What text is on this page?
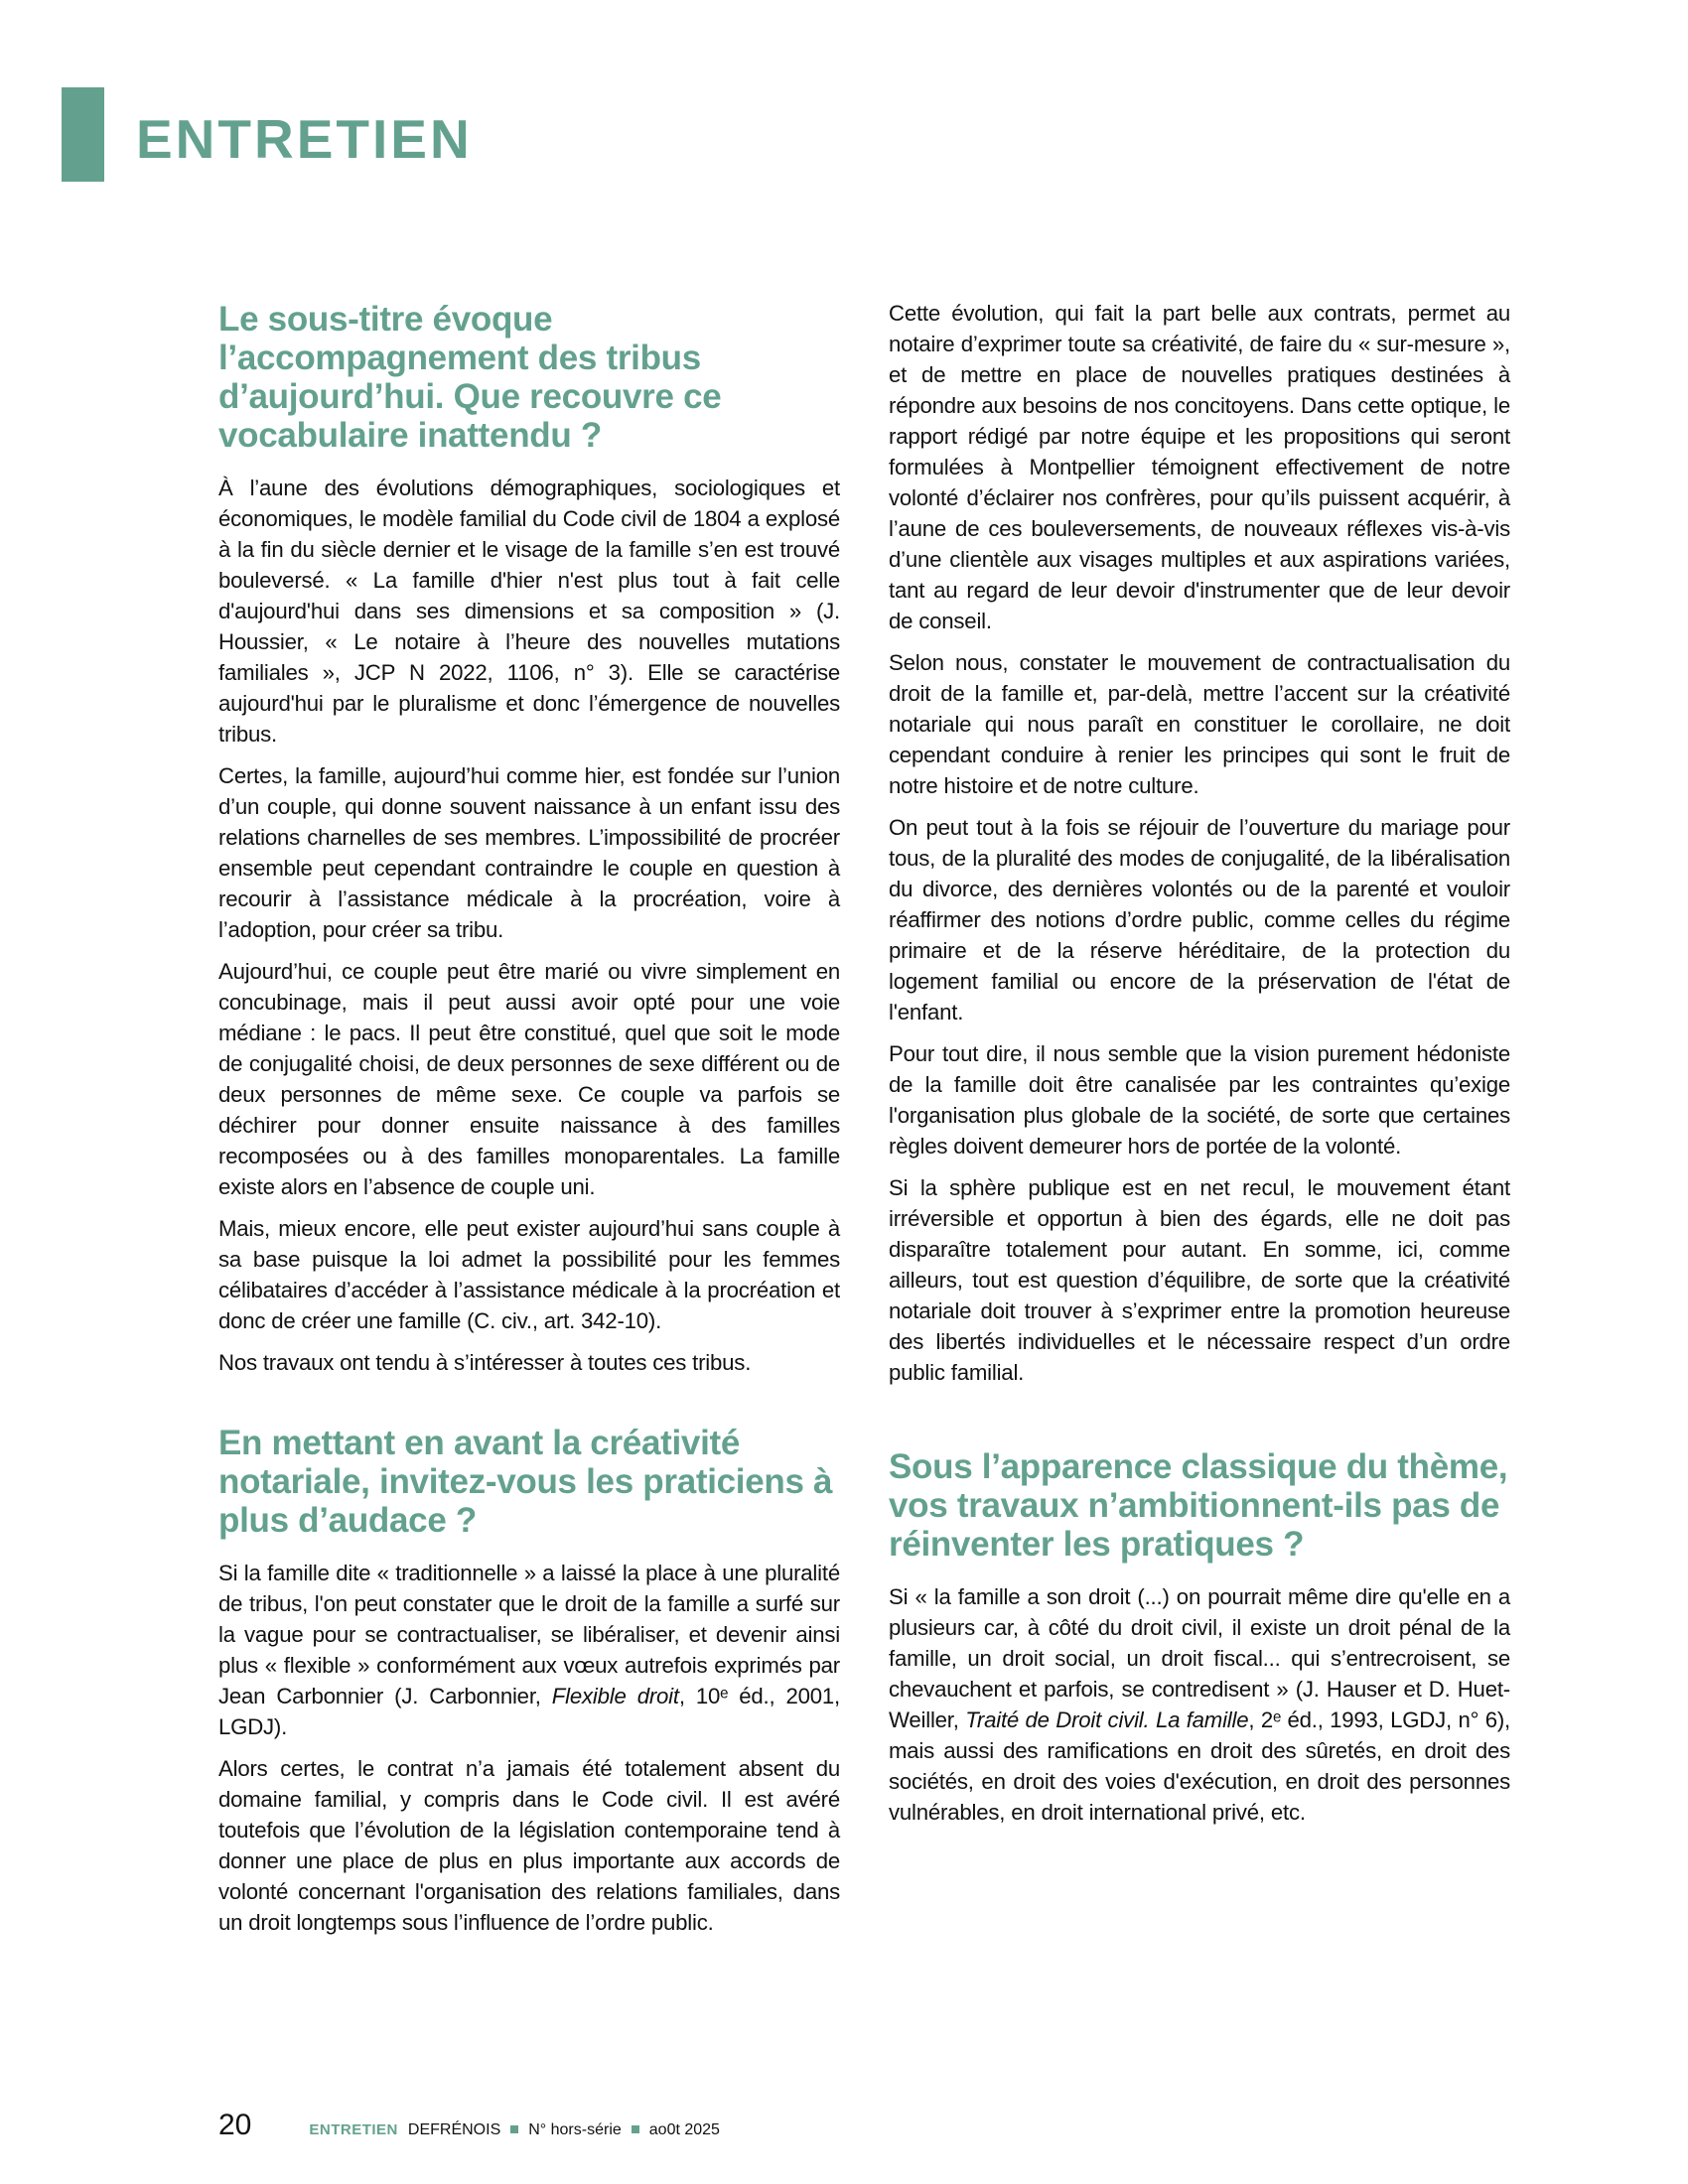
ENTRETIEN
Le sous-titre évoque l’accompagnement des tribus d’aujourd’hui. Que recouvre ce vocabulaire inattendu ?

À l’aune des évolutions démographiques, sociologiques et économiques, le modèle familial du Code civil de 1804 a explosé à la fin du siècle dernier et le visage de la famille s’en est trouvé bouleversé. « La famille d'hier n'est plus tout à fait celle d'aujourd'hui dans ses dimensions et sa composition » (J. Houssier, « Le notaire à l’heure des nouvelles mutations familiales », JCP N 2022, 1106, n° 3). Elle se caractérise aujourd'hui par le pluralisme et donc l’émergence de nouvelles tribus.

Certes, la famille, aujourd’hui comme hier, est fondée sur l’union d’un couple, qui donne souvent naissance à un enfant issu des relations charnelles de ses membres. L’impossibilité de procréer ensemble peut cependant contraindre le couple en question à recourir à l’assistance médicale à la procréation, voire à l’adoption, pour créer sa tribu.

Aujourd’hui, ce couple peut être marié ou vivre simplement en concubinage, mais il peut aussi avoir opté pour une voie médiane : le pacs. Il peut être constitué, quel que soit le mode de conjugalité choisi, de deux personnes de sexe différent ou de deux personnes de même sexe. Ce couple va parfois se déchirer pour donner ensuite naissance à des familles recomposées ou à des familles monoparentales. La famille existe alors en l’absence de couple uni.

Mais, mieux encore, elle peut exister aujourd’hui sans couple à sa base puisque la loi admet la possibilité pour les femmes célibataires d’accéder à l’assistance médicale à la procréation et donc de créer une famille (C. civ., art. 342-10).

Nos travaux ont tendu à s’intéresser à toutes ces tribus.

En mettant en avant la créativité notariale, invitez-vous les praticiens à plus d’audace ?

Si la famille dite « traditionnelle » a laissé la place à une pluralité de tribus, l'on peut constater que le droit de la famille a surfé sur la vague pour se contractualiser, se libéraliser, et devenir ainsi plus « flexible » conformément aux vœux autrefois exprimés par Jean Carbonnier (J. Carbonnier, Flexible droit, 10ᵉ éd., 2001, LGDJ).

Alors certes, le contrat n’a jamais été totalement absent du domaine familial, y compris dans le Code civil. Il est avéré toutefois que l’évolution de la législation contemporaine tend à donner une place de plus en plus importante aux accords de volonté concernant l'organisation des relations familiales, dans un droit longtemps sous l’influence de l’ordre public.

Cette évolution, qui fait la part belle aux contrats, permet au notaire d’exprimer toute sa créativité, de faire du « sur-mesure », et de mettre en place de nouvelles pratiques destinées à répondre aux besoins de nos concitoyens. Dans cette optique, le rapport rédigé par notre équipe et les propositions qui seront formulées à Montpellier témoignent effectivement de notre volonté d’éclairer nos confrères, pour qu’ils puissent acquérir, à l’aune de ces bouleversements, de nouveaux réflexes vis-à-vis d’une clientèle aux visages multiples et aux aspirations variées, tant au regard de leur devoir d'instrumenter que de leur devoir de conseil.

Selon nous, constater le mouvement de contractualisation du droit de la famille et, par-delà, mettre l’accent sur la créativité notariale qui nous paraît en constituer le corollaire, ne doit cependant conduire à renier les principes qui sont le fruit de notre histoire et de notre culture.

On peut tout à la fois se réjouir de l’ouverture du mariage pour tous, de la pluralité des modes de conjugalité, de la libéralisation du divorce, des dernières volontés ou de la parenté et vouloir réaffirmer des notions d’ordre public, comme celles du régime primaire et de la réserve héréditaire, de la protection du logement familial ou encore de la préservation de l'état de l'enfant.

Pour tout dire, il nous semble que la vision purement hédoniste de la famille doit être canalisée par les contraintes qu’exige l'organisation plus globale de la société, de sorte que certaines règles doivent demeurer hors de portée de la volonté.

Si la sphère publique est en net recul, le mouvement étant irréversible et opportun à bien des égards, elle ne doit pas disparaître totalement pour autant. En somme, ici, comme ailleurs, tout est question d’équilibre, de sorte que la créativité notariale doit trouver à s’exprimer entre la promotion heureuse des libertés individuelles et le nécessaire respect d’un ordre public familial.

Sous l’apparence classique du thème, vos travaux n’ambitionnent-ils pas de réinventer les pratiques ?

Si « la famille a son droit (...) on pourrait même dire qu'elle en a plusieurs car, à côté du droit civil, il existe un droit pénal de la famille, un droit social, un droit fiscal... qui s’entrecroisent, se chevauchent et parfois, se contredisent » (J. Hauser et D. Huet-Weiller, Traité de Droit civil. La famille, 2ᵉ éd., 1993, LGDJ, n° 6), mais aussi des ramifications en droit des sûretés, en droit des sociétés, en droit des voies d'exécution, en droit des personnes vulnérables, en droit international privé, etc.

20	ENTRETIEN DEFRÉNOIS N° hors-série ao0t 2025
